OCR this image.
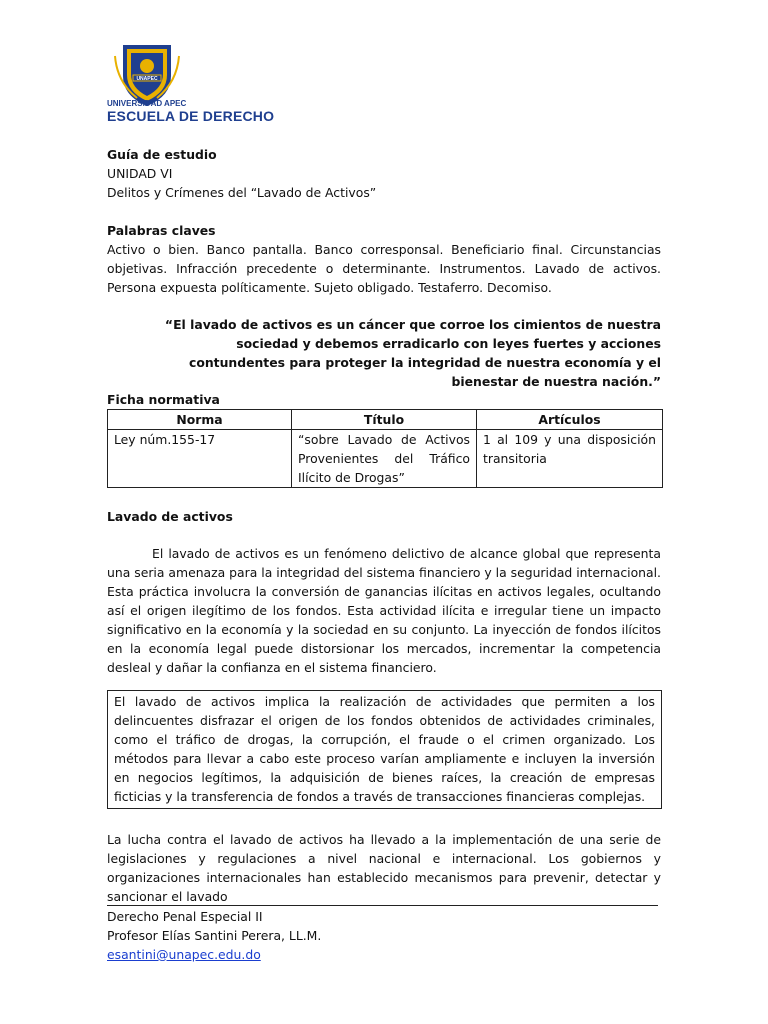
UNAPEC
UNIVERSIDAD APEC
ESCUELA DE DERECHO
Guía de estudio
UNIDAD VI
Delitos y Crímenes del “Lavado de Activos”
Palabras claves
Activo o bien. Banco pantalla. Banco corresponsal. Beneficiario final. Circunstancias objetivas. Infracción precedente o determinante. Instrumentos. Lavado de activos. Persona expuesta políticamente. Sujeto obligado. Testaferro. Decomiso.
“El lavado de activos es un cáncer que corroe los cimientos de nuestra sociedad y debemos erradicarlo con leyes fuertes y acciones contundentes para proteger la integridad de nuestra economía y el bienestar de nuestra nación.”
Ficha normativa
Norma	Título	Artículos
Ley núm.155-17	“sobre Lavado de Activos Provenientes del Tráfico Ilícito de Drogas”	1 al 109 y una disposición transitoria
Lavado de activos
El lavado de activos es un fenómeno delictivo de alcance global que representa una seria amenaza para la integridad del sistema financiero y la seguridad internacional. Esta práctica involucra la conversión de ganancias ilícitas en activos legales, ocultando así el origen ilegítimo de los fondos. Esta actividad ilícita e irregular tiene un impacto significativo en la economía y la sociedad en su conjunto. La inyección de fondos ilícitos en la economía legal puede distorsionar los mercados, incrementar la competencia desleal y dañar la confianza en el sistema financiero.
El lavado de activos implica la realización de actividades que permiten a los delincuentes disfrazar el origen de los fondos obtenidos de actividades criminales, como el tráfico de drogas, la corrupción, el fraude o el crimen organizado. Los métodos para llevar a cabo este proceso varían ampliamente e incluyen la inversión en negocios legítimos, la adquisición de bienes raíces, la creación de empresas ficticias y la transferencia de fondos a través de transacciones financieras complejas.
La lucha contra el lavado de activos ha llevado a la implementación de una serie de legislaciones y regulaciones a nivel nacional e internacional. Los gobiernos y organizaciones internacionales han establecido mecanismos para prevenir, detectar y sancionar el lavado
Derecho Penal Especial II
Profesor Elías Santini Perera, LL.M.
esantini@unapec.edu.do
